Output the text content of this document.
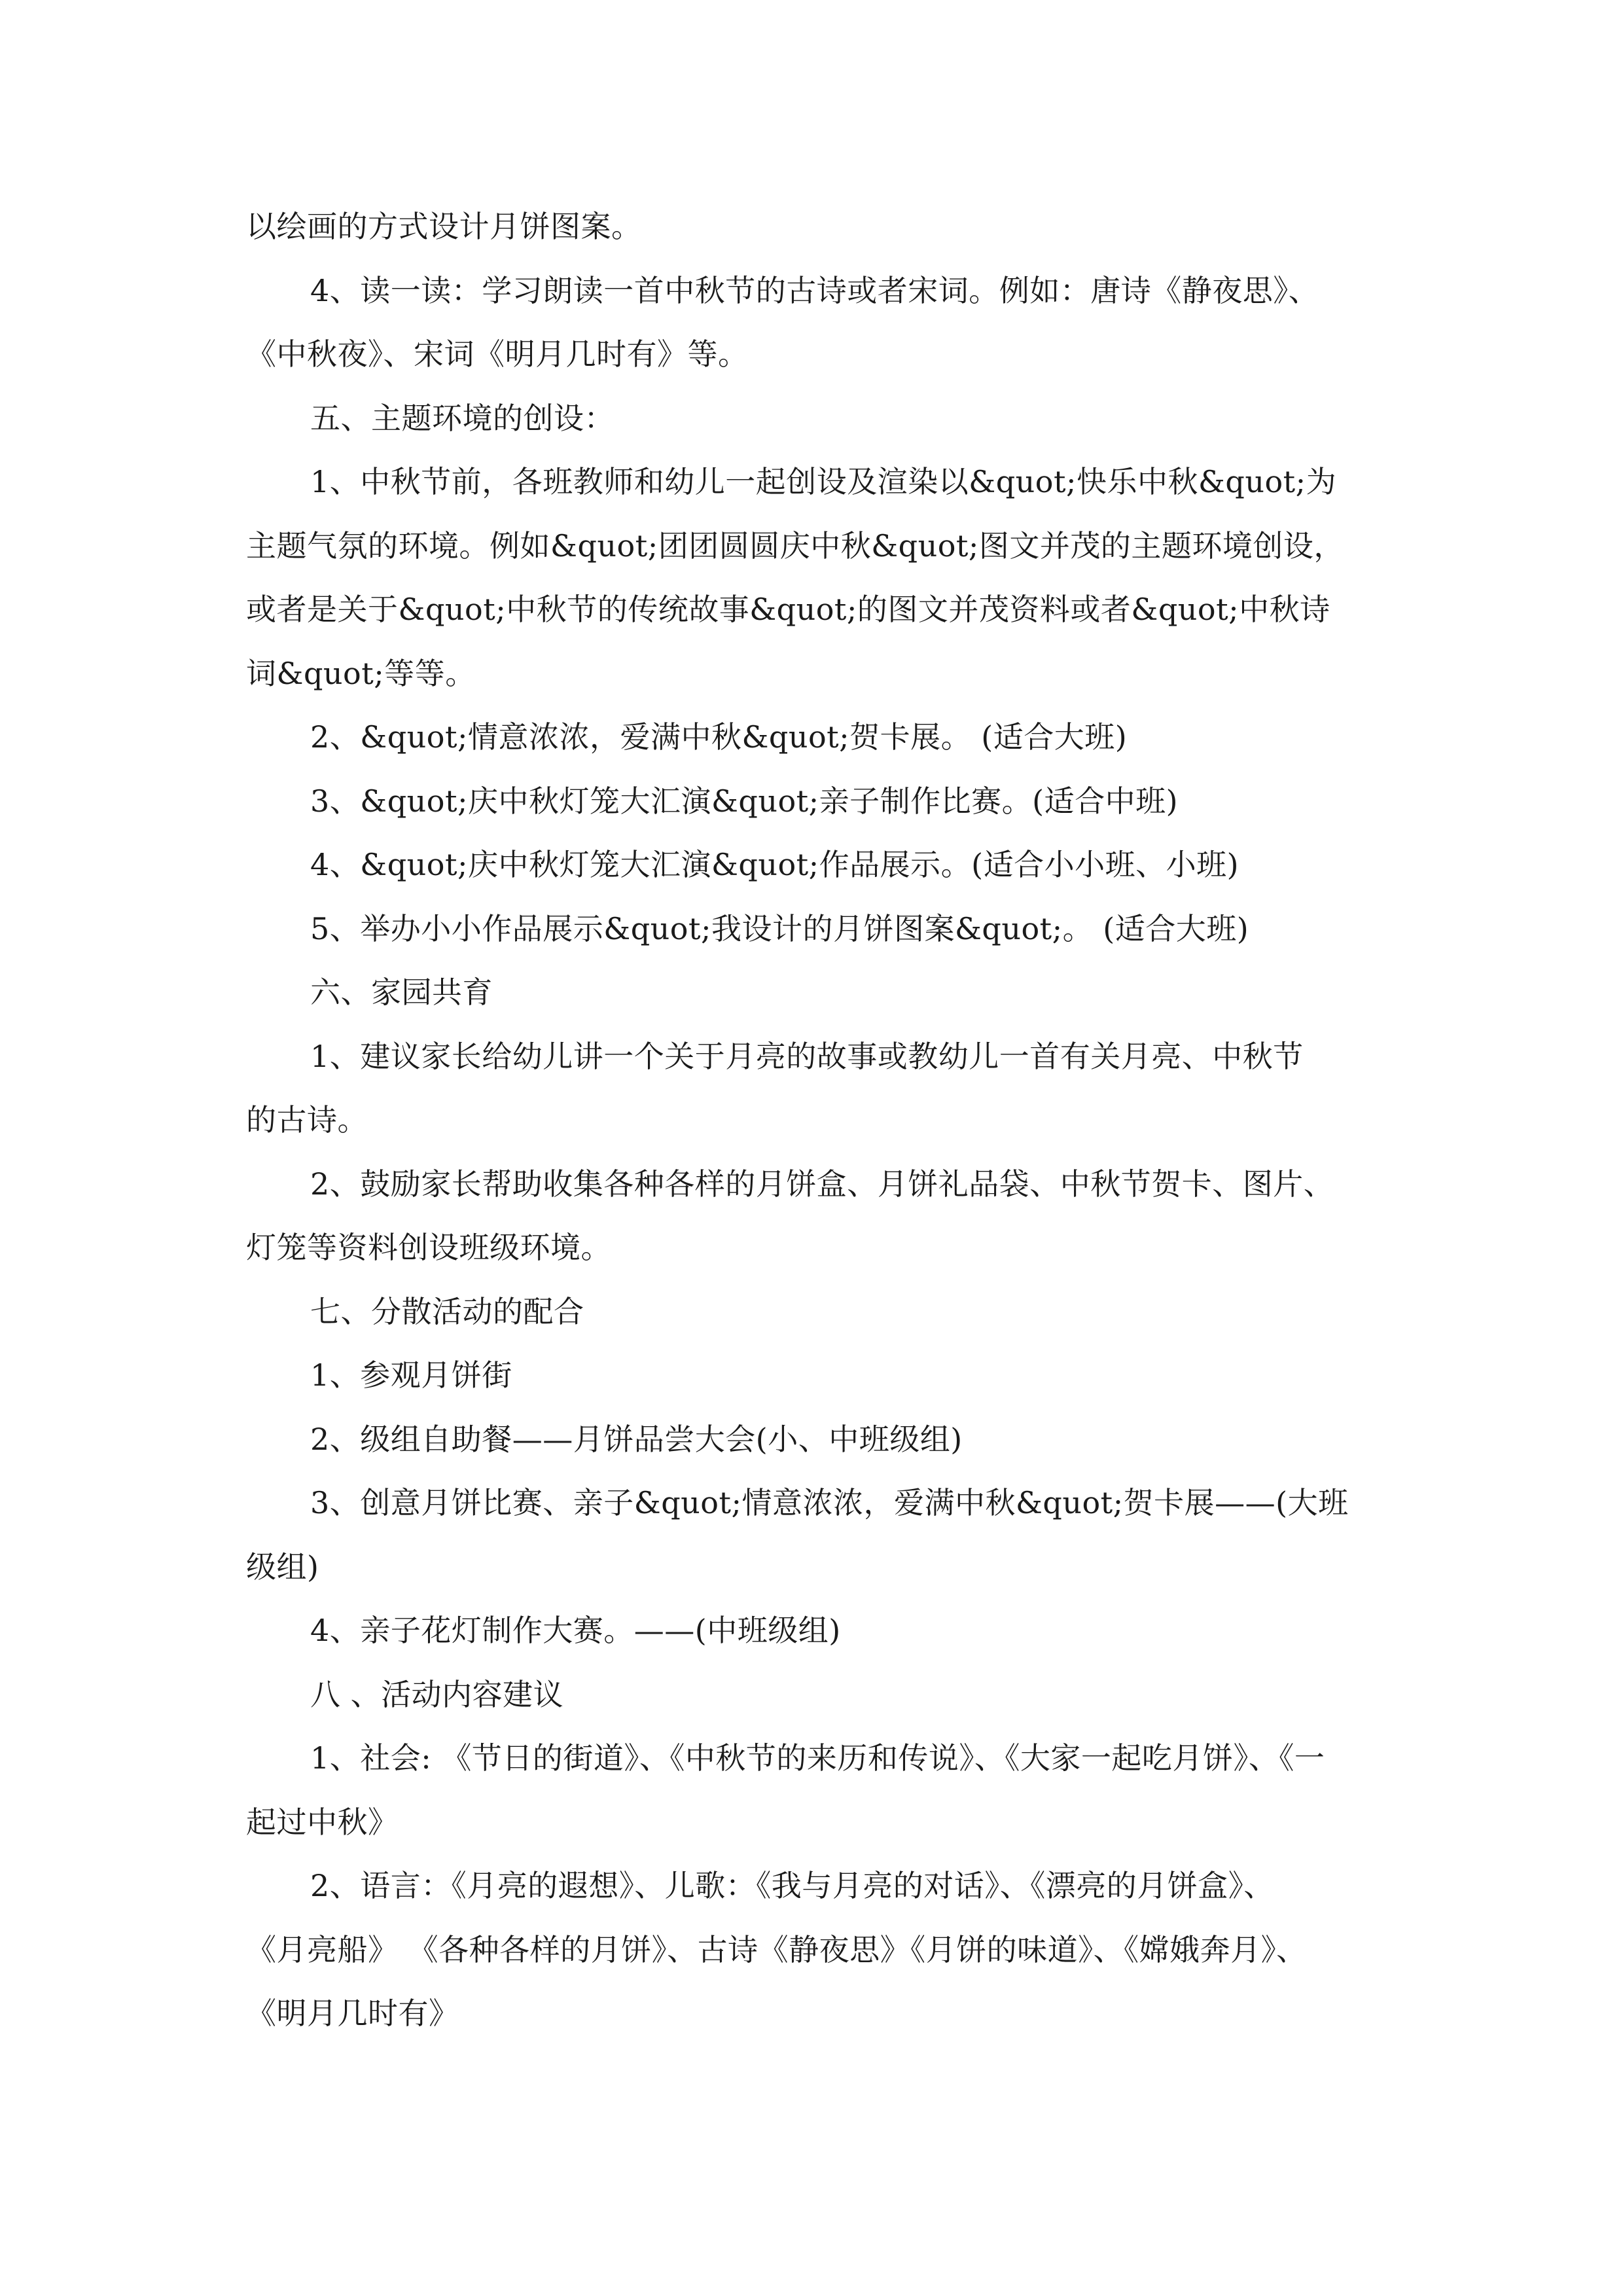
以绘画的方式设计月饼图案。

4、读一读：学习朗读一首中秋节的古诗或者宋词。例如：唐诗《静夜思》、

《中秋夜》、宋词《明月几时有》等。

五、主题环境的创设：

1、中秋节前，各班教师和幼儿一起创设及渲染以&quot;快乐中秋&quot;为

主题气氛的环境。例如&quot;团团圆圆庆中秋&quot;图文并茂的主题环境创设，

或者是关于&quot;中秋节的传统故事&quot;的图文并茂资料或者&quot;中秋诗

词&quot;等等。

2、&quot;情意浓浓，爱满中秋&quot;贺卡展。 (适合大班)

3、&quot;庆中秋灯笼大汇演&quot;亲子制作比赛。(适合中班)

4、&quot;庆中秋灯笼大汇演&quot;作品展示。(适合小小班、小班)

5、举办小小作品展示&quot;我设计的月饼图案&quot;。 (适合大班)

六、家园共育

1、建议家长给幼儿讲一个关于月亮的故事或教幼儿一首有关月亮、中秋节

的古诗。

2、鼓励家长帮助收集各种各样的月饼盒、月饼礼品袋、中秋节贺卡、图片、

灯笼等资料创设班级环境。

七、分散活动的配合

1、参观月饼街

2、级组自助餐——月饼品尝大会(小、中班级组)

3、创意月饼比赛、亲子&quot;情意浓浓，爱满中秋&quot;贺卡展——(大班

级组)

4、亲子花灯制作大赛。——(中班级组)

八 、活动内容建议

1、社会: 《节日的街道》、《中秋节的来历和传说》、《大家一起吃月饼》、《一

起过中秋》

2、语言：《月亮的遐想》、儿歌：《我与月亮的对话》、《漂亮的月饼盒》、

《月亮船》 《各种各样的月饼》、古诗《静夜思》《月饼的味道》、《嫦娥奔月》、

《明月几时有》
